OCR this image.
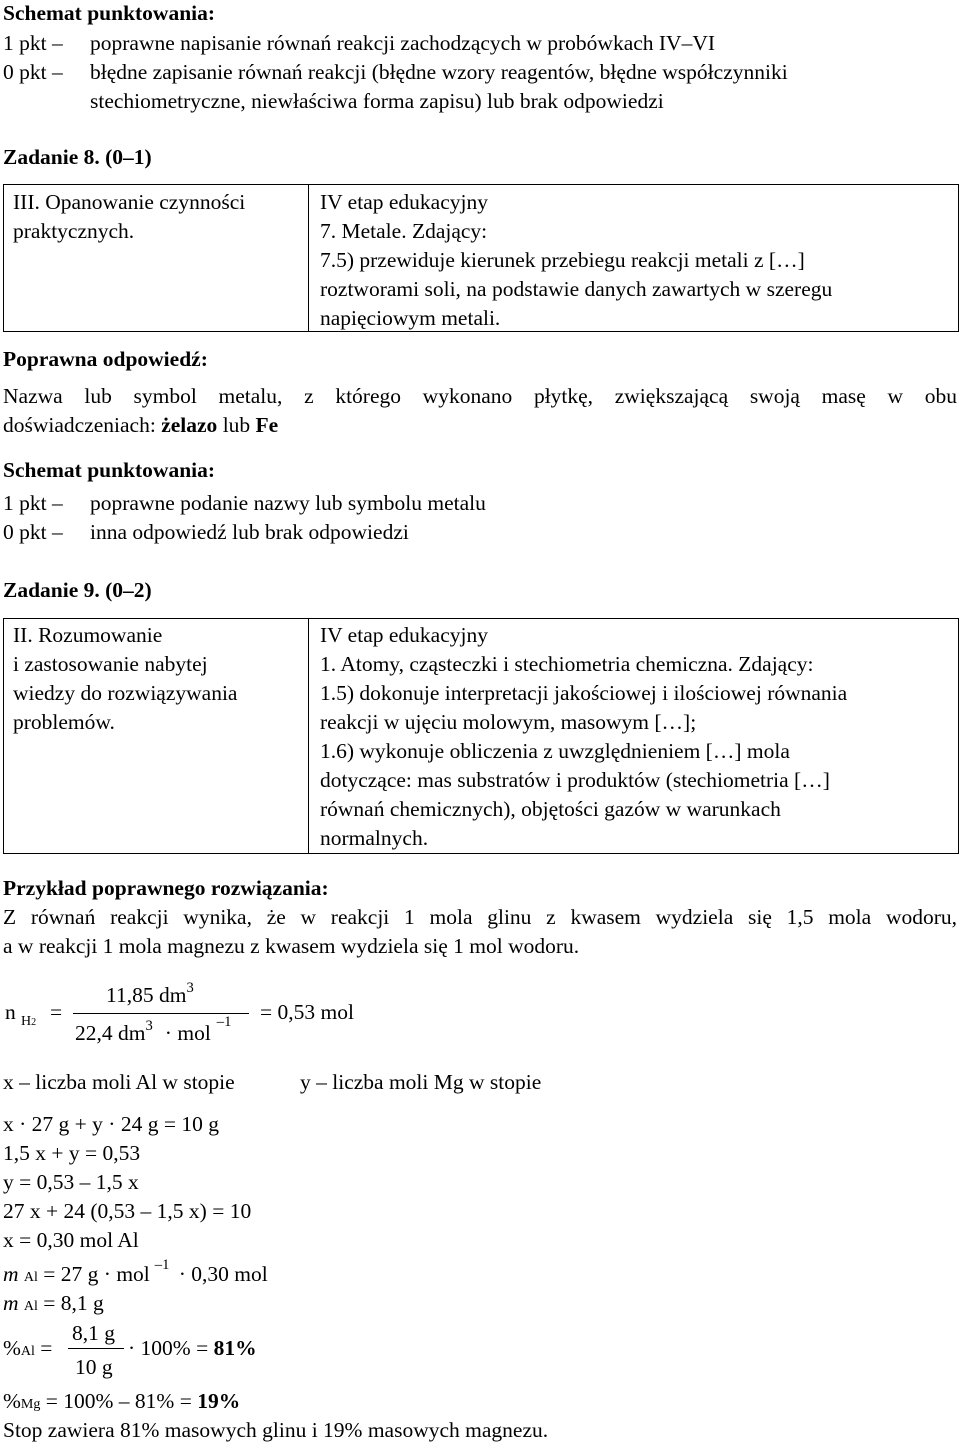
Schemat punktowania:
1 pkt – poprawne napisanie równań reakcji zachodzących w probówkach IV–VI
0 pkt – błędne zapisanie równań reakcji (błędne wzory reagentów, błędne współczynniki
stechiometryczne, niewłaściwa forma zapisu) lub brak odpowiedzi
Zadanie 8. (0–1)
III. Opanowanie czynności
praktycznych.
IV etap edukacyjny
7. Metale. Zdający:
7.5) przewiduje kierunek przebiegu reakcji metali z […]
roztworami soli, na podstawie danych zawartych w szeregu
napięciowym metali.
Poprawna odpowiedź:
Nazwa lub symbol metalu, z którego wykonano płytkę, zwiększającą swoją masę w obu
doświadczeniach: żelazo lub Fe
Schemat punktowania:
1 pkt – poprawne podanie nazwy lub symbolu metalu
0 pkt – inna odpowiedź lub brak odpowiedzi
Zadanie 9. (0–2)
II. Rozumowanie
i zastosowanie nabytej
wiedzy do rozwiązywania
problemów.
IV etap edukacyjny
1. Atomy, cząsteczki i stechiometria chemiczna. Zdający:
1.5) dokonuje interpretacji jakościowej i ilościowej równania
reakcji w ujęciu molowym, masowym […];
1.6) wykonuje obliczenia z uwzględnieniem […] mola
dotyczące: mas substratów i produktów (stechiometria […]
równań chemicznych), objętości gazów w warunkach
normalnych.
Przykład poprawnego rozwiązania:
Z równań reakcji wynika, że w reakcji 1 mola glinu z kwasem wydziela się 1,5 mola wodoru,
a w reakcji 1 mola magnezu z kwasem wydziela się 1 mol wodoru.
n H2 =
11,85 $dm^3$
22,4 $dm^3$ · mol $^{-1}$ = 0,53 mol
x – liczba moli Al w stopie	y – liczba moli Mg w stopie
x · 27 g + y · 24 g = 10 g
1,5 x + y = 0,53
y = 0,53 – 1,5 x
27 x + 24 (0,53 – 1,5 x) = 10
x = 0,30 mol Al
m Al = 27 g · mol $^{-1}$ · 0,30 mol
m Al = 8,1 g
%Al =
8,1 g
10 g
· 100% = 81%
%Mg = 100% – 81% = 19%
Stop zawiera 81% masowych glinu i 19% masowych magnezu.
